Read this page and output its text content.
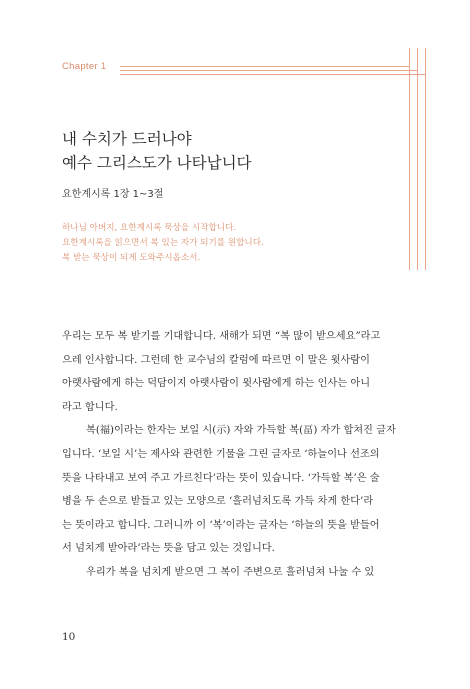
Chapter 1
내 수치가 드러나야
예수 그리스도가 나타납니다
요한계시록 1장 1~3절
하나님 아버지, 요한계시록 묵상을 시작합니다.
요한계시록을 읽으면서 복 있는 자가 되기를 원합니다.
복 받는 묵상이 되게 도와주시옵소서.
우리는 모두 복 받기를 기대합니다. 새해가 되면 “복 많이 받으세요”라고
으레 인사합니다. 그런데 한 교수님의 칼럼에 따르면 이 말은 윗사람이
아랫사람에게 하는 덕담이지 아랫사람이 윗사람에게 하는 인사는 아니
라고 합니다.
복(福)이라는 한자는 보일 시(示) 자와 가득할 복(畐) 자가 합쳐진 글자
입니다. ‘보일 시’는 제사와 관련한 기물을 그린 글자로 ‘하늘이나 선조의
뜻을 나타내고 보여 주고 가르친다’라는 뜻이 있습니다. ‘가득할 복’은 술
병을 두 손으로 받들고 있는 모양으로 ‘흘러넘치도록 가득 차게 한다’라
는 뜻이라고 합니다. 그러니까 이 ‘복’이라는 글자는 ‘하늘의 뜻을 받들어
서 넘치게 받아라’라는 뜻을 담고 있는 것입니다.
우리가 복을 넘치게 받으면 그 복이 주변으로 흘러넘쳐 나눌 수 있
10
